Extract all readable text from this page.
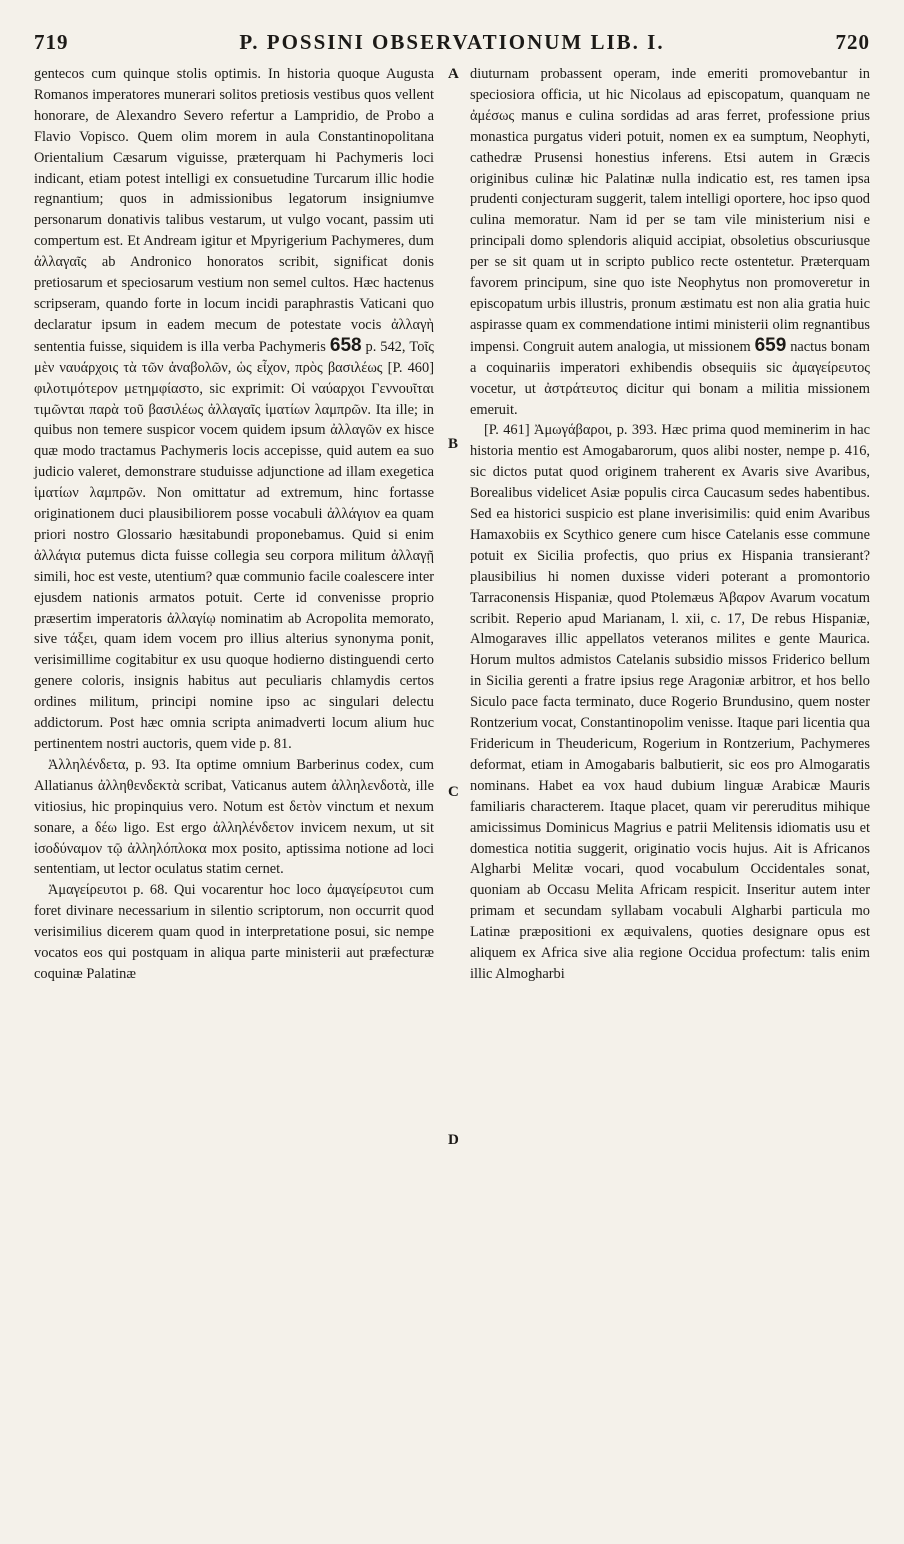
719	P. POSSINI OBSERVATIONUM LIB. I.	720

gentecos cum quinque stolis optimis. In historia quoque Augusta Romanos imperatores munerari solitos pretiosis vestibus quos vellent honorare, de Alexandro Severo refertur a Lampridio, de Probo a Flavio Vopisco. Quem olim morem in aula Constantinopolitana Orientalium Cæsarum viguisse, præterquam hi Pachymeris loci indicant, etiam potest intelligi ex consuetudine Turcarum illic hodie regnantium; quos in admissionibus legatorum insigniumve personarum donativis talibus vestarum, ut vulgo vocant, passim uti compertum est. Et Andream igitur et Mpyrigerium Pachymeres, dum ἀλλαγαῖς ab Andronico honoratos scribit, significat donis pretiosarum et speciosarum vestium non semel cultos. Hæc hactenus scripseram, quando forte in locum incidi paraphrastis Vaticani quo declaratur ipsum in eadem mecum de potestate vocis ἀλλαγὴ sententia fuisse, siquidem is illa verba Pachymeris 658 p. 542, Τοῖς μὲν ναυάρχοις τὰ τῶν ἀναβολῶν, ὡς εἶχον, πρὸς βασιλέως [P. 460] φιλοτιμότερον μετημφίαστο, sic exprimit: Οἱ ναύαρχοι Γεννουῖται τιμῶνται παρὰ τοῦ βασιλέως ἀλλαγαῖς ἱματίων λαμπρῶν. Ita ille; in quibus non temere suspicor vocem quidem ipsum ἀλλαγῶν ex hisce quæ modo tractamus Pachymeris locis accepisse, quid autem ea suo judicio valeret, demonstrare studuisse adjunctione ad illam exegetica ἱματίων λαμπρῶν. Non omittatur ad extremum, hinc fortasse originationem duci plausibiliorem posse vocabuli ἀλλάγιον ea quam priori nostro Glossario hæsitabundi proponebamus. Quid si enim ἀλλάγια putemus dicta fuisse collegia seu corpora militum ἀλλαγῇ simili, hoc est veste, utentium? quæ communio facile coalescere inter ejusdem nationis armatos potuit. Certe id convenisse proprio præsertim imperatoris ἀλλαγίῳ nominatim ab Acropolita memorato, sive τάξει, quam idem vocem pro illius alterius synonyma ponit, verisimillime cogitabitur ex usu quoque hodierno distinguendi certo genere coloris, insignis habitus aut peculiaris chlamydis certos ordines militum, principi nomine ipso ac singulari delectu addictorum. Post hæc omnia scripta animadverti locum alium huc pertinentem nostri auctoris, quem vide p. 81.

Ἀλληλένδετα, p. 93. Ita optime omnium Barberinus codex, cum Allatianus ἀλληθενδεκτὰ scribat, Vaticanus autem ἀλληλενδοτὰ, ille vitiosius, hic propinquius vero. Notum est δετὸν vinctum et nexum sonare, a δέω ligo. Est ergo ἀλληλένδετον invicem nexum, ut sit ἰσοδύναμον τῷ ἀλληλόπλοκα mox posito, aptissima notione ad loci sententiam, ut lector oculatus statim cernet.

Ἀμαγείρευτοι p. 68. Qui vocarentur hoc loco ἀμαγείρευτοι cum foret divinare necessarium in silentio scriptorum, non occurrit quod verisimilius dicerem quam quod in interpretatione posui, sic nempe vocatos eos qui postquam in aliqua parte ministerii aut præfecturæ coquinæ Palatinæ

A
B
C
D

diuturnam probassent operam, inde emeriti promovebantur in speciosiora officia, ut hic Nicolaus ad episcopatum, quanquam ne ἀμέσως manus e culina sordidas ad aras ferret, professione prius monastica purgatus videri potuit, nomen ex ea sumptum, Neophyti, cathedræ Prusensi honestius inferens. Etsi autem in Græcis originibus culinæ hic Palatinæ nulla indicatio est, res tamen ipsa prudenti conjecturam suggerit, talem intelligi oportere, hoc ipso quod culina memoratur. Nam id per se tam vile ministerium nisi e principali domo splendoris aliquid accipiat, obsoletius obscuriusque per se sit quam ut in scripto publico recte ostentetur. Præterquam favorem principum, sine quo iste Neophytus non promoveretur in episcopatum urbis illustris, pronum æstimatu est non alia gratia huic aspirasse quam ex commendatione intimi ministerii olim regnantibus impensi. Congruit autem analogia, ut missionem 659 nactus bonam a coquinariis imperatori exhibendis obsequiis sic ἀμαγείρευτος vocetur, ut ἀστράτευτος dicitur qui bonam a militia missionem emeruit.

[P. 461] Ἀμωγάβαροι, p. 393. Hæc prima quod meminerim in hac historia mentio est Amogabarorum, quos alibi noster, nempe p. 416, sic dictos putat quod originem traherent ex Avaris sive Avaribus, Borealibus videlicet Asiæ populis circa Caucasum sedes habentibus. Sed ea historici suspicio est plane inverisimilis: quid enim Avaribus Hamaxobiis ex Scythico genere cum hisce Catelanis esse commune potuit ex Sicilia profectis, quo prius ex Hispania transierant? plausibilius hi nomen duxisse videri poterant a promontorio Tarraconensis Hispaniæ, quod Ptolemæus Ἀβαρον Avarum vocatum scribit. Reperio apud Marianam, l. xii, c. 17, De rebus Hispaniæ, Almogaraves illic appellatos veteranos milites e gente Maurica. Horum multos admistos Catelanis subsidio missos Friderico bellum in Sicilia gerenti a fratre ipsius rege Aragoniæ arbitror, et hos bello Siculo pace facta terminato, duce Rogerio Brundusino, quem noster Rontzerium vocat, Constantinopolim venisse. Itaque pari licentia qua Fridericum in Theudericum, Rogerium in Rontzerium, Pachymeres deformat, etiam in Amogabaris balbutierit, sic eos pro Almogaratis nominans. Habet ea vox haud dubium linguæ Arabicæ Mauris familiaris characterem. Itaque placet, quam vir pereruditus mihique amicissimus Dominicus Magrius e patrii Melitensis idiomatis usu et domestica notitia suggerit, originatio vocis hujus. Ait is Africanos Algharbi Melitæ vocari, quod vocabulum Occidentales sonat, quoniam ab Occasu Melita Africam respicit. Inseritur autem inter primam et secundam syllabam vocabuli Algharbi particula mo Latinæ præpositioni ex æquivalens, quoties designare opus est aliquem ex Africa sive alia regione Occidua profectum: talis enim illic Almogharbi
